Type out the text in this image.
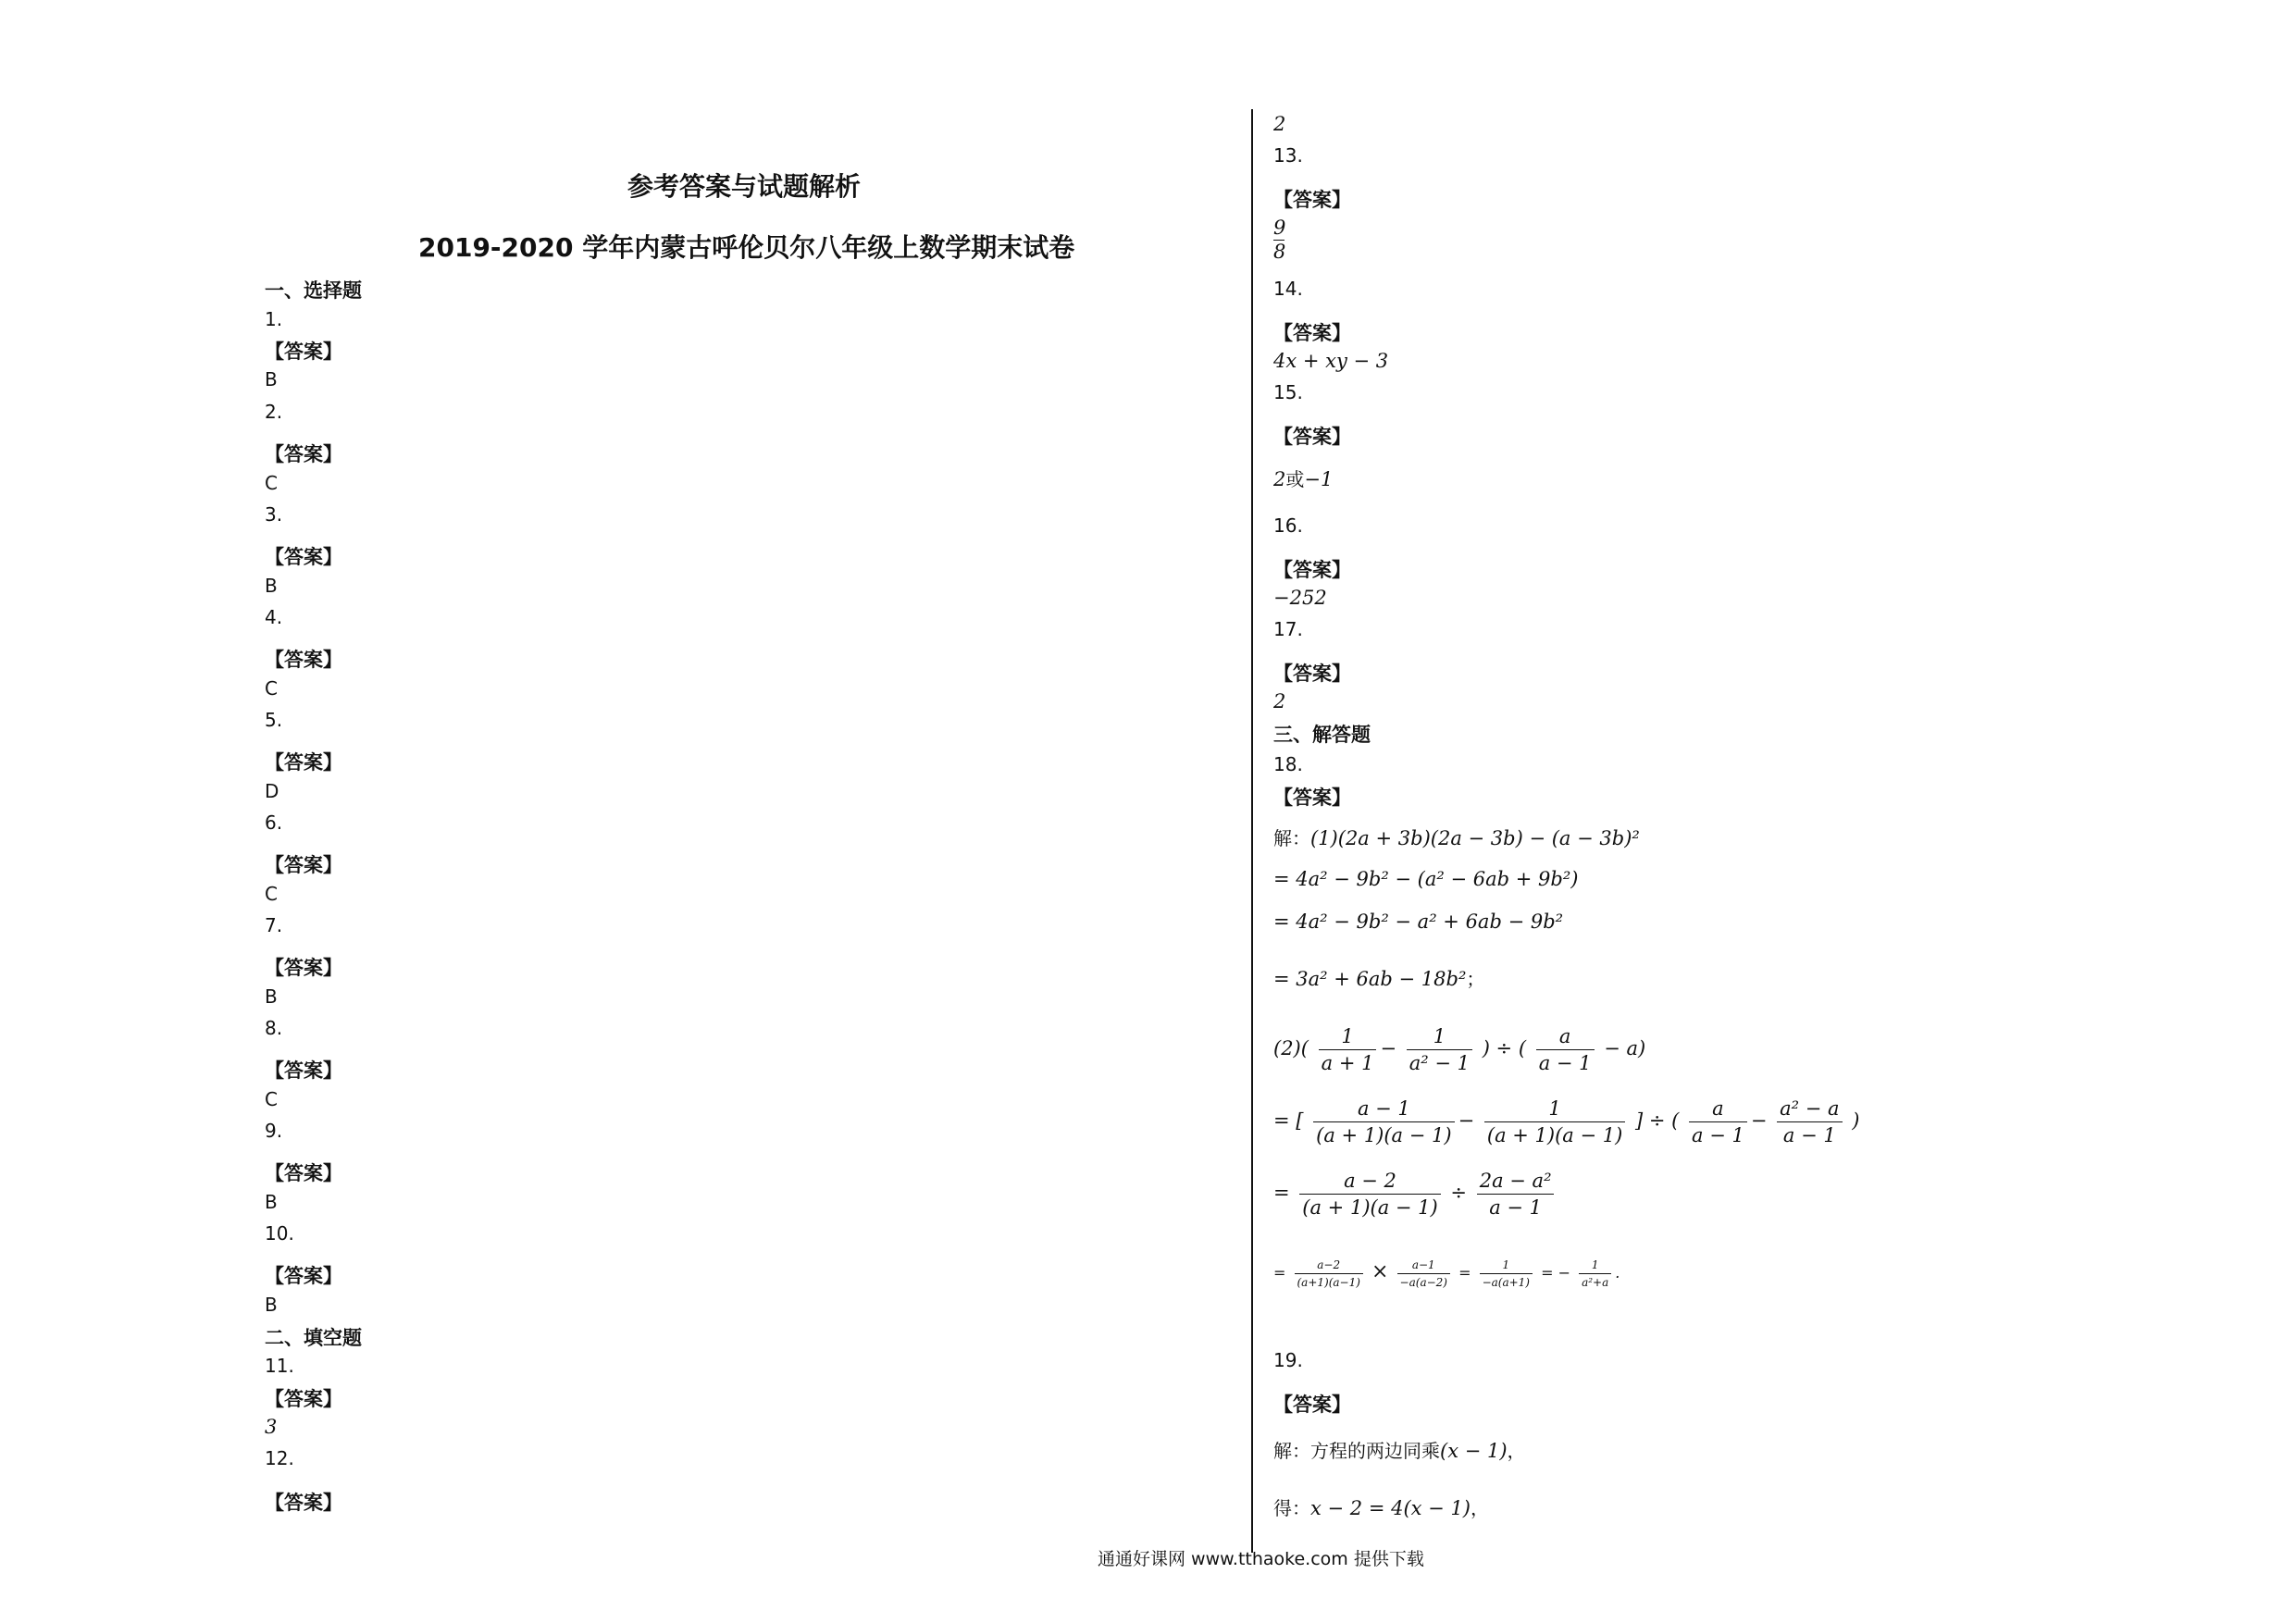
参考答案与试题解析
2019-2020 学年内蒙古呼伦贝尔八年级上数学期末试卷
一、选择题
1.
【答案】
B
2.
【答案】
C
3.
【答案】
B
4.
【答案】
C
5.
【答案】
D
6.
【答案】
C
7.
【答案】
B
8.
【答案】
C
9.
【答案】
B
10.
【答案】
B
二、填空题
11.
【答案】
3
12.
【答案】
2
13.
【答案】
$\frac{9}{8}$
14.
【答案】
4x + xy − 3
15.
【答案】
2或−1
16.
【答案】
−252
17.
【答案】
2
三、解答题
18.
【答案】
解：(1)(2a + 3b)(2a − 3b) − (a − 3b)²
= 4a² − 9b² − (a² − 6ab + 9b²)
= 4a² − 9b² − a² + 6ab − 9b²
= 3a² + 6ab − 18b²；
$(2)( \frac{1}{a + 1} - \frac{1}{\text{a² − 1}}$ ) ÷ ( $\frac{a}{a - 1} - a$)
= [ $\frac{a - 1}{(a + 1)(a - 1)} - \frac{1}{(a + 1)(a - 1)}$ ] ÷ ( $\frac{a}{a - 1} - \frac{\text{a² − a}}{a - 1}$ )
= $\frac{a - 2}{(a + 1)(a - 1)} \div \frac{\text{2a − a²}}{a - 1}$
= $\frac{a-2}{(a+1)(a-1)} \times \frac{a-1}{-a(a-2)} = \frac{1}{-a(a+1)}$ = − $\frac{1}{\text{a²+a}}$ .
19.
【答案】
解：方程的两边同乘(x − 1)，
得：x − 2 = 4(x − 1)，
通通好课网 www.tthaoke.com 提供下载
